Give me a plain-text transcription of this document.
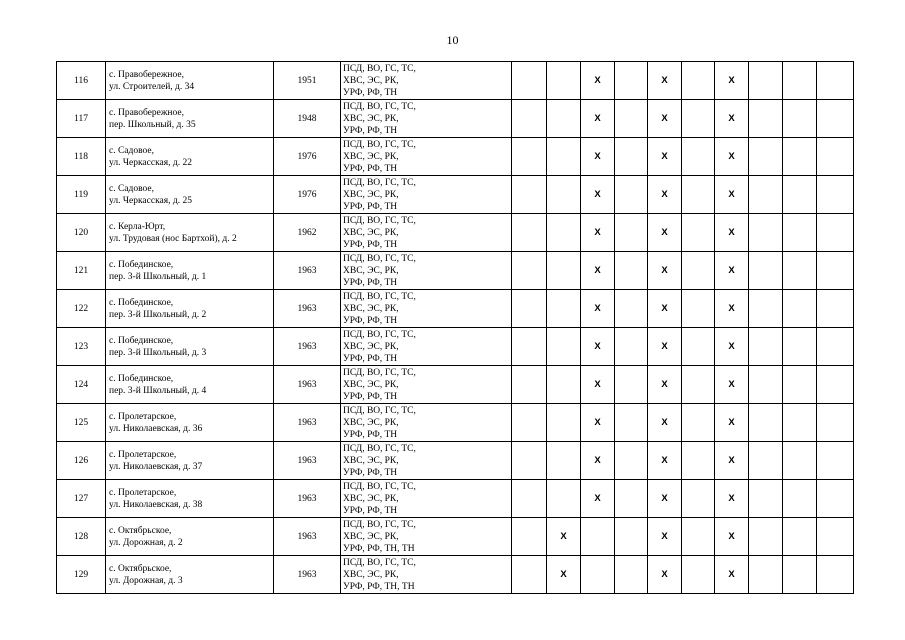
10
116	с. Правобережное,
ул. Строителей, д. 34	1951	ПСД, ВО, ГС, ТС,
ХВС, ЭС, РК,
УРФ, РФ, ТН			X		X		X			
117	с. Правобережное,
пер. Школьный, д. 35	1948	ПСД, ВО, ГС, ТС,
ХВС, ЭС, РК,
УРФ, РФ, ТН			X		X		X			
118	с. Садовое,
ул. Черкасская, д. 22	1976	ПСД, ВО, ГС, ТС,
ХВС, ЭС, РК,
УРФ, РФ, ТН			X		X		X			
119	с. Садовое,
ул. Черкасская, д. 25	1976	ПСД, ВО, ГС, ТС,
ХВС, ЭС, РК,
УРФ, РФ, ТН			X		X		X			
120	с. Керла-Юрт,
ул. Трудовая (нос Бартхой), д. 2	1962	ПСД, ВО, ГС, ТС,
ХВС, ЭС, РК,
УРФ, РФ, ТН			X		X		X			
121	с. Побединское,
пер. 3-й Школьный, д. 1	1963	ПСД, ВО, ГС, ТС,
ХВС, ЭС, РК,
УРФ, РФ, ТН			X		X		X			
122	с. Побединское,
пер. 3-й Школьный, д. 2	1963	ПСД, ВО, ГС, ТС,
ХВС, ЭС, РК,
УРФ, РФ, ТН			X		X		X			
123	с. Побединское,
пер. 3-й Школьный, д. 3	1963	ПСД, ВО, ГС, ТС,
ХВС, ЭС, РК,
УРФ, РФ, ТН			X		X		X			
124	с. Побединское,
пер. 3-й Школьный, д. 4	1963	ПСД, ВО, ГС, ТС,
ХВС, ЭС, РК,
УРФ, РФ, ТН			X		X		X			
125	с. Пролетарское,
ул. Николаевская, д. 36	1963	ПСД, ВО, ГС, ТС,
ХВС, ЭС, РК,
УРФ, РФ, ТН			X		X		X			
126	с. Пролетарское,
ул. Николаевская, д. 37	1963	ПСД, ВО, ГС, ТС,
ХВС, ЭС, РК,
УРФ, РФ, ТН			X		X		X			
127	с. Пролетарское,
ул. Николаевская, д. 38	1963	ПСД, ВО, ГС, ТС,
ХВС, ЭС, РК,
УРФ, РФ, ТН			X		X		X			
128	с. Октябрьское,
ул. Дорожная, д. 2	1963	ПСД, ВО, ГС, ТС,
ХВС, ЭС, РК,
УРФ, РФ, ТН, ТН		X			X		X			
129	с. Октябрьское,
ул. Дорожная, д. 3	1963	ПСД, ВО, ГС, ТС,
ХВС, ЭС, РК,
УРФ, РФ, ТН, ТН		X			X		X			
